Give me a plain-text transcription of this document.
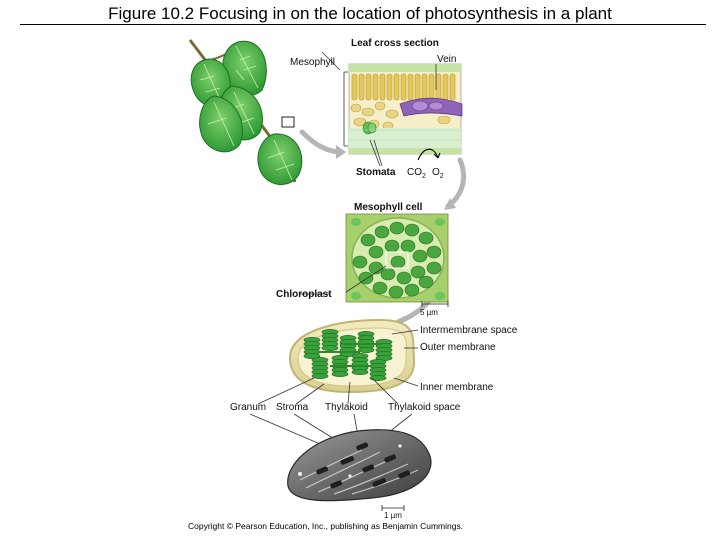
Figure 10.2 Focusing in on the location of photosynthesis in a plant
Leaf cross section
Vein
Mesophyll
Stomata $CO_2$ $O_2$
Mesophyll cell
Chloroplast
5 µm
Intermembrane space
Outer membrane
Inner membrane
Granum Stroma Thylakoid Thylakoid space
1 µm
Copyright © Pearson Education, Inc., publishing as Benjamin Cummings.
